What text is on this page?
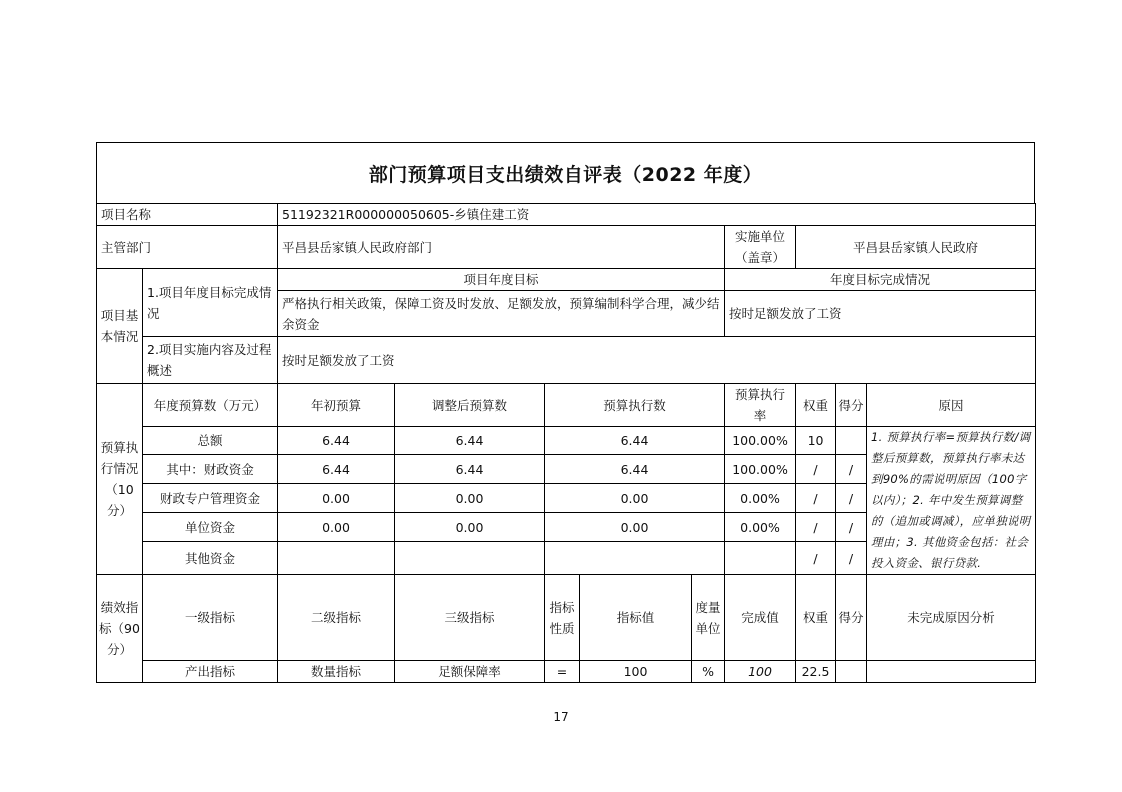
部门预算项目支出绩效自评表（2022 年度）
项目名称		51192321R000000050605-乡镇住建工资								
主管部门		平昌县岳家镇人民政府部门					实施单位（盖章）	平昌县岳家镇人民政府		
项目基本情况	1.项目年度目标完成情况	项目年度目标					年度目标完成情况			
		严格执行相关政策，保障工资及时发放、足额发放，预算编制科学合理，减少结余资金					按时足额发放了工资			
	2.项目实施内容及过程概述	按时足额发放了工资								
预算执行情况（10分）	年度预算数（万元）	年初预算	调整后预算数	预算执行数			预算执行率	权重	得分	原因
	总额	6.44	6.44	6.44			100.00%	10		1. 预算执行率=预算执行数/调整后预算数，预算执行率未达到90%的需说明原因（100字以内）；2. 年中发生预算调整的（追加或调减），应单独说明理由；3. 其他资金包括：社会投入资金、银行贷款.
	其中：财政资金	6.44	6.44	6.44			100.00%	/	/	
	财政专户管理资金	0.00	0.00	0.00			0.00%	/	/	
	单位资金	0.00	0.00	0.00			0.00%	/	/	
	其他资金							/	/	
绩效指标（90分）	一级指标	二级指标	三级指标	指标性质	指标值	度量单位	完成值	权重	得分	未完成原因分析
	产出指标	数量指标	足额保障率	=	100	%	100	22.5		
17
